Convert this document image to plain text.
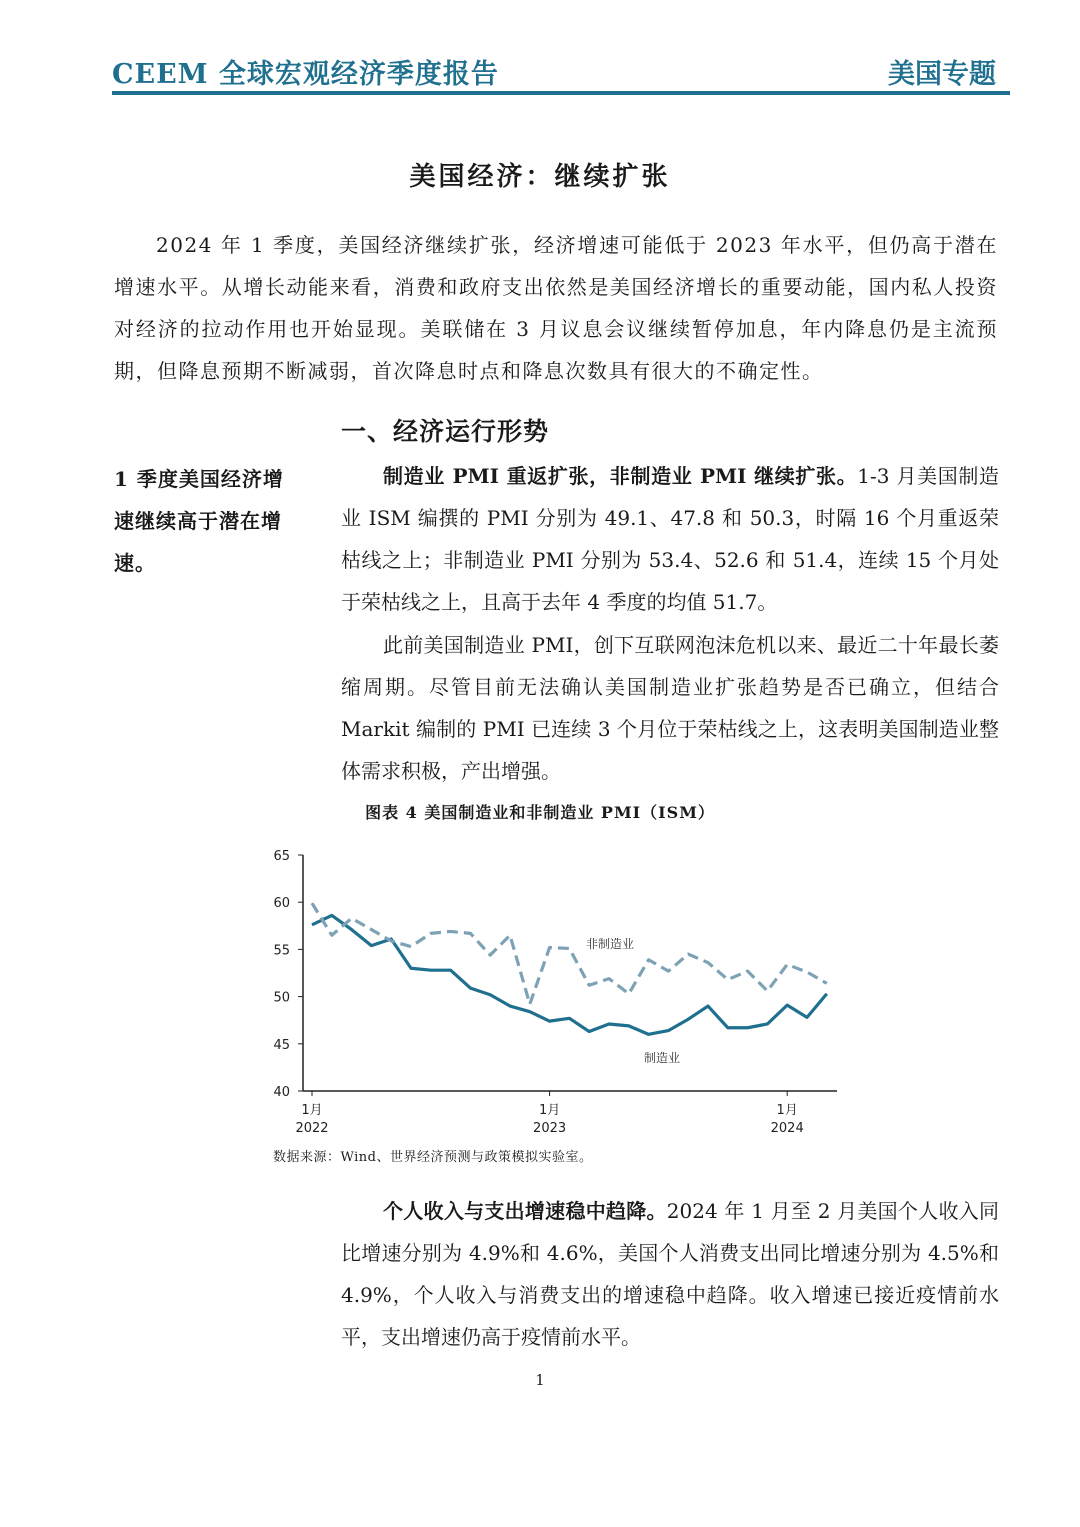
CEEM 全球宏观经济季度报告	美国专题
美国经济：继续扩张
2024 年 1 季度，美国经济继续扩张，经济增速可能低于 2023 年水平，但仍高于潜在增速水平。从增长动能来看，消费和政府支出依然是美国经济增长的重要动能，国内私人投资对经济的拉动作用也开始显现。美联储在 3 月议息会议继续暂停加息，年内降息仍是主流预期，但降息预期不断减弱，首次降息时点和降息次数具有很大的不确定性。
一、经济运行形势
1 季度美国经济增速继续高于潜在增速。
制造业 PMI 重返扩张，非制造业 PMI 继续扩张。1-3 月美国制造业 ISM 编撰的 PMI 分别为 49.1、47.8 和 50.3，时隔 16 个月重返荣枯线之上；非制造业 PMI 分别为 53.4、52.6 和 51.4，连续 15 个月处于荣枯线之上，且高于去年 4 季度的均值 51.7。
此前美国制造业 PMI，创下互联网泡沫危机以来、最近二十年最长萎缩周期。尽管目前无法确认美国制造业扩张趋势是否已确立，但结合 Markit 编制的 PMI 已连续 3 个月位于荣枯线之上，这表明美国制造业整体需求积极，产出增强。
图表 4 美国制造业和非制造业 PMI（ISM）
40
45
50
55
60
65
1月
2022
1月
2023
1月
2024
非制造业
制造业
数据来源：Wind、世界经济预测与政策模拟实验室。
个人收入与支出增速稳中趋降。2024 年 1 月至 2 月美国个人收入同比增速分别为 4.9%和 4.6%，美国个人消费支出同比增速分别为 4.5%和 4.9%，个人收入与消费支出的增速稳中趋降。收入增速已接近疫情前水平，支出增速仍高于疫情前水平。
1
